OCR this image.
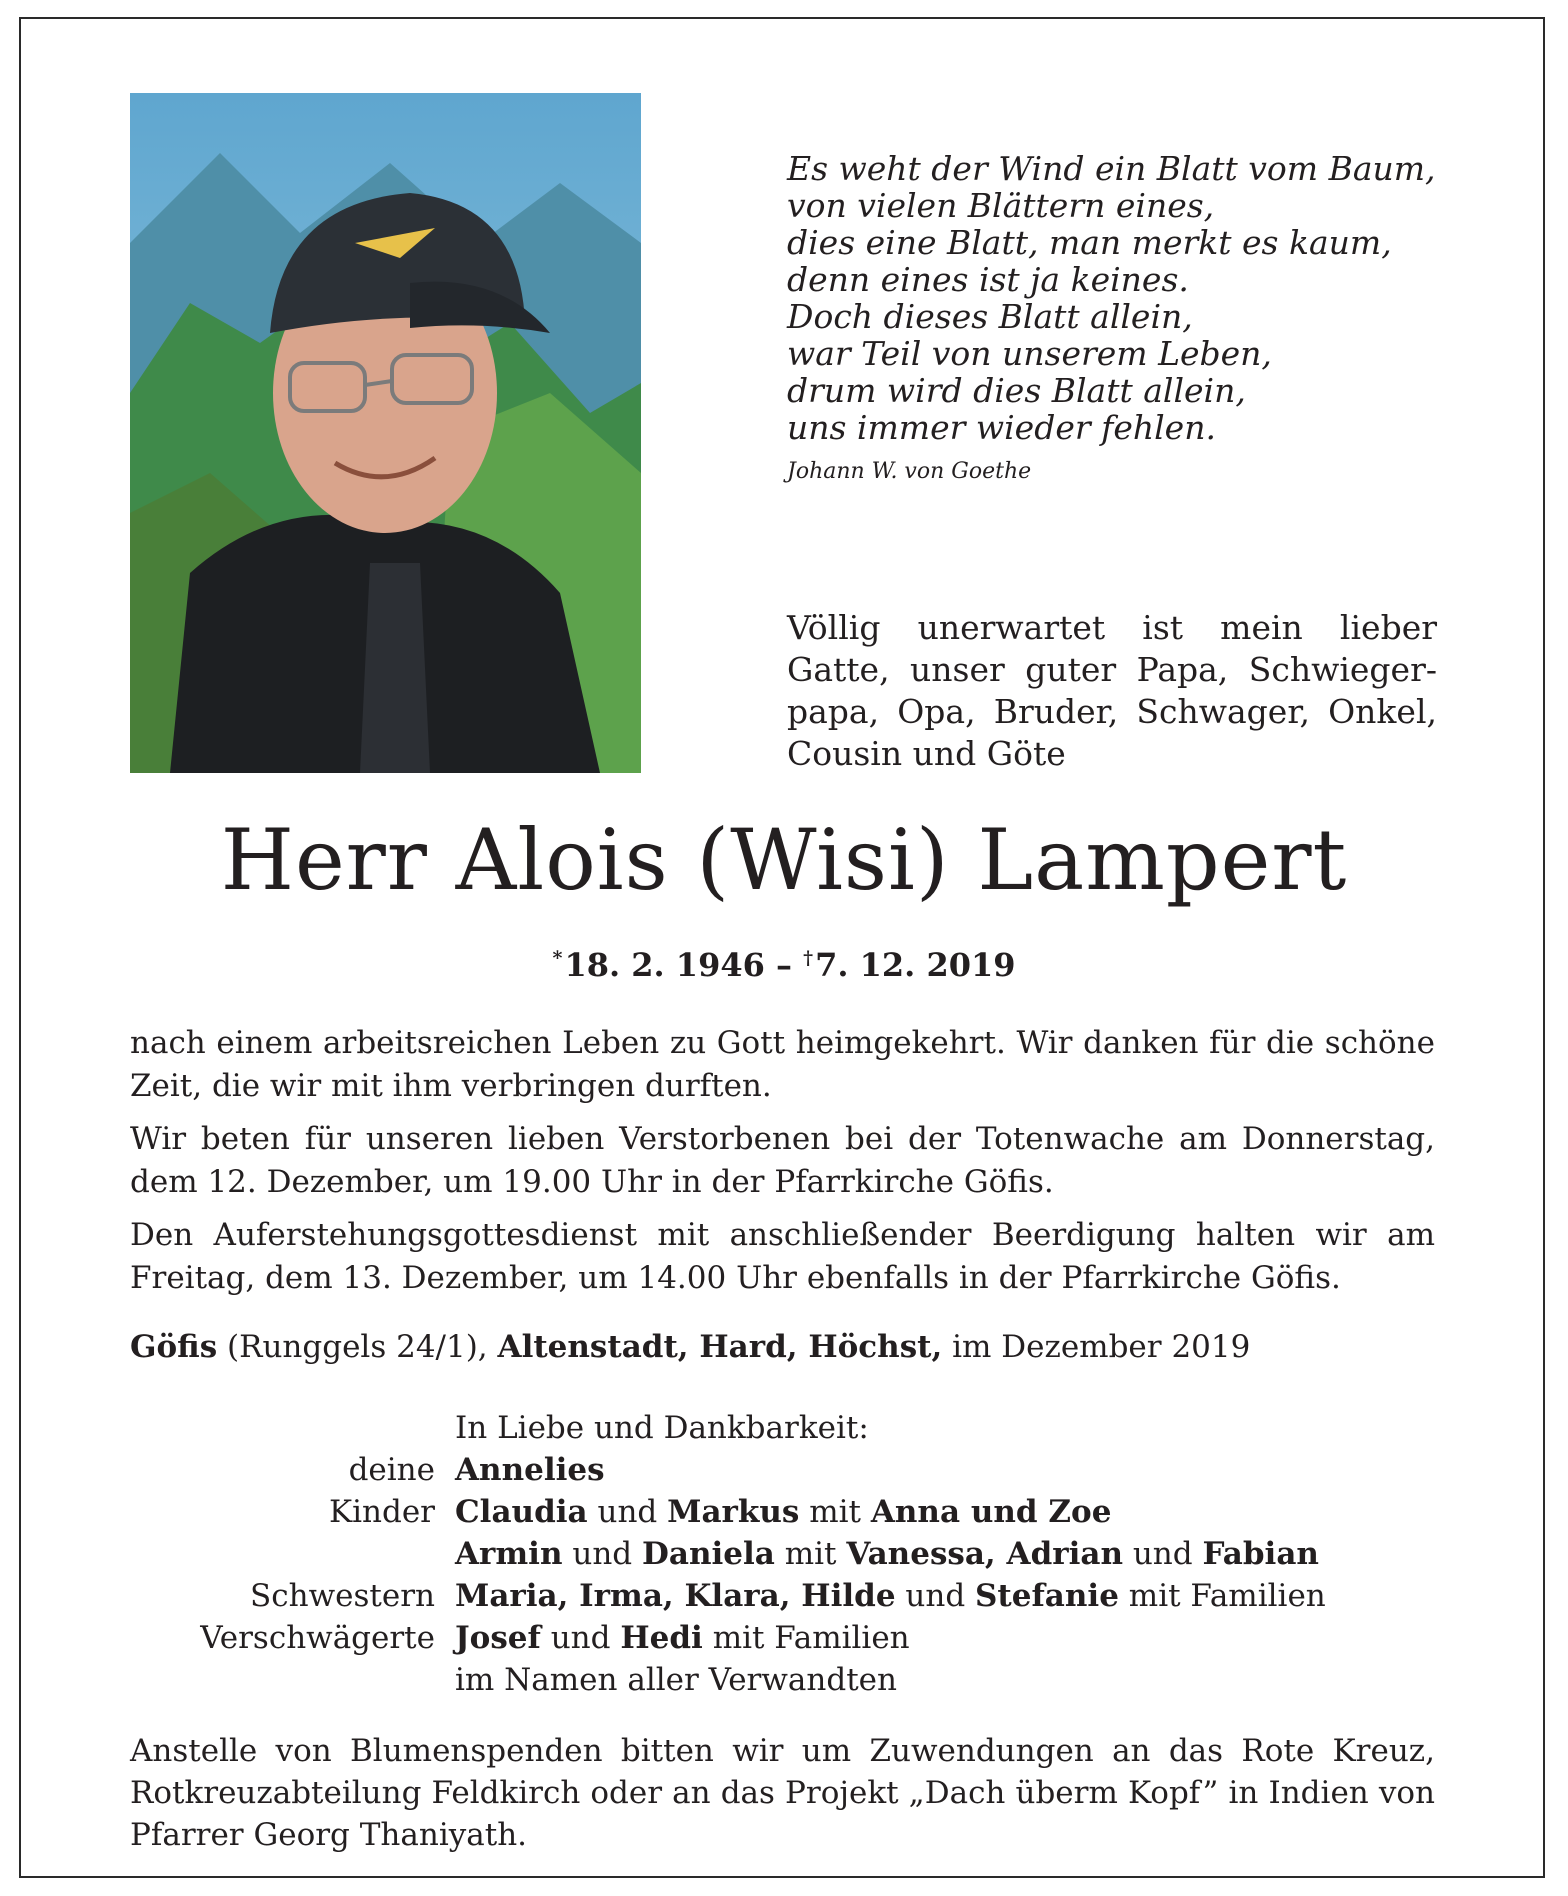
Es weht der Wind ein Blatt vom Baum,
von vielen Blättern eines,
dies eine Blatt, man merkt es kaum,
denn eines ist ja keines.
Doch dieses Blatt allein,
war Teil von unserem Leben,
drum wird dies Blatt allein,
uns immer wieder fehlen.
Johann W. von Goethe
Völlig unerwartet ist mein lieber Gatte, unser guter Papa, Schwiegerpapa, Opa, Bruder, Schwager, Onkel, Cousin und Göte
Herr Alois (Wisi) Lampert
*18. 2. 1946 – †7. 12. 2019

nach einem arbeitsreichen Leben zu Gott heimgekehrt. Wir danken für die schöne Zeit, die wir mit ihm verbringen durften.

Wir beten für unseren lieben Verstorbenen bei der Totenwache am Donnerstag, dem 12. Dezember, um 19.00 Uhr in der Pfarrkirche Göfis.

Den Auferstehungsgottesdienst mit anschließender Beerdigung halten wir am Freitag, dem 13. Dezember, um 14.00 Uhr ebenfalls in der Pfarrkirche Göfis.

Göfis (Runggels 24/1), Altenstadt, Hard, Höchst, im Dezember 2019

In Liebe und Dankbarkeit:
deine Annelies
Kinder Claudia und Markus mit Anna und Zoe
Armin und Daniela mit Vanessa, Adrian und Fabian
Schwestern Maria, Irma, Klara, Hilde und Stefanie mit Familien
Verschwägerte Josef und Hedi mit Familien
im Namen aller Verwandten
Anstelle von Blumenspenden bitten wir um Zuwendungen an das Rote Kreuz, Rotkreuzabteilung Feldkirch oder an das Projekt „Dach überm Kopf” in Indien von Pfarrer Georg Thaniyath.
